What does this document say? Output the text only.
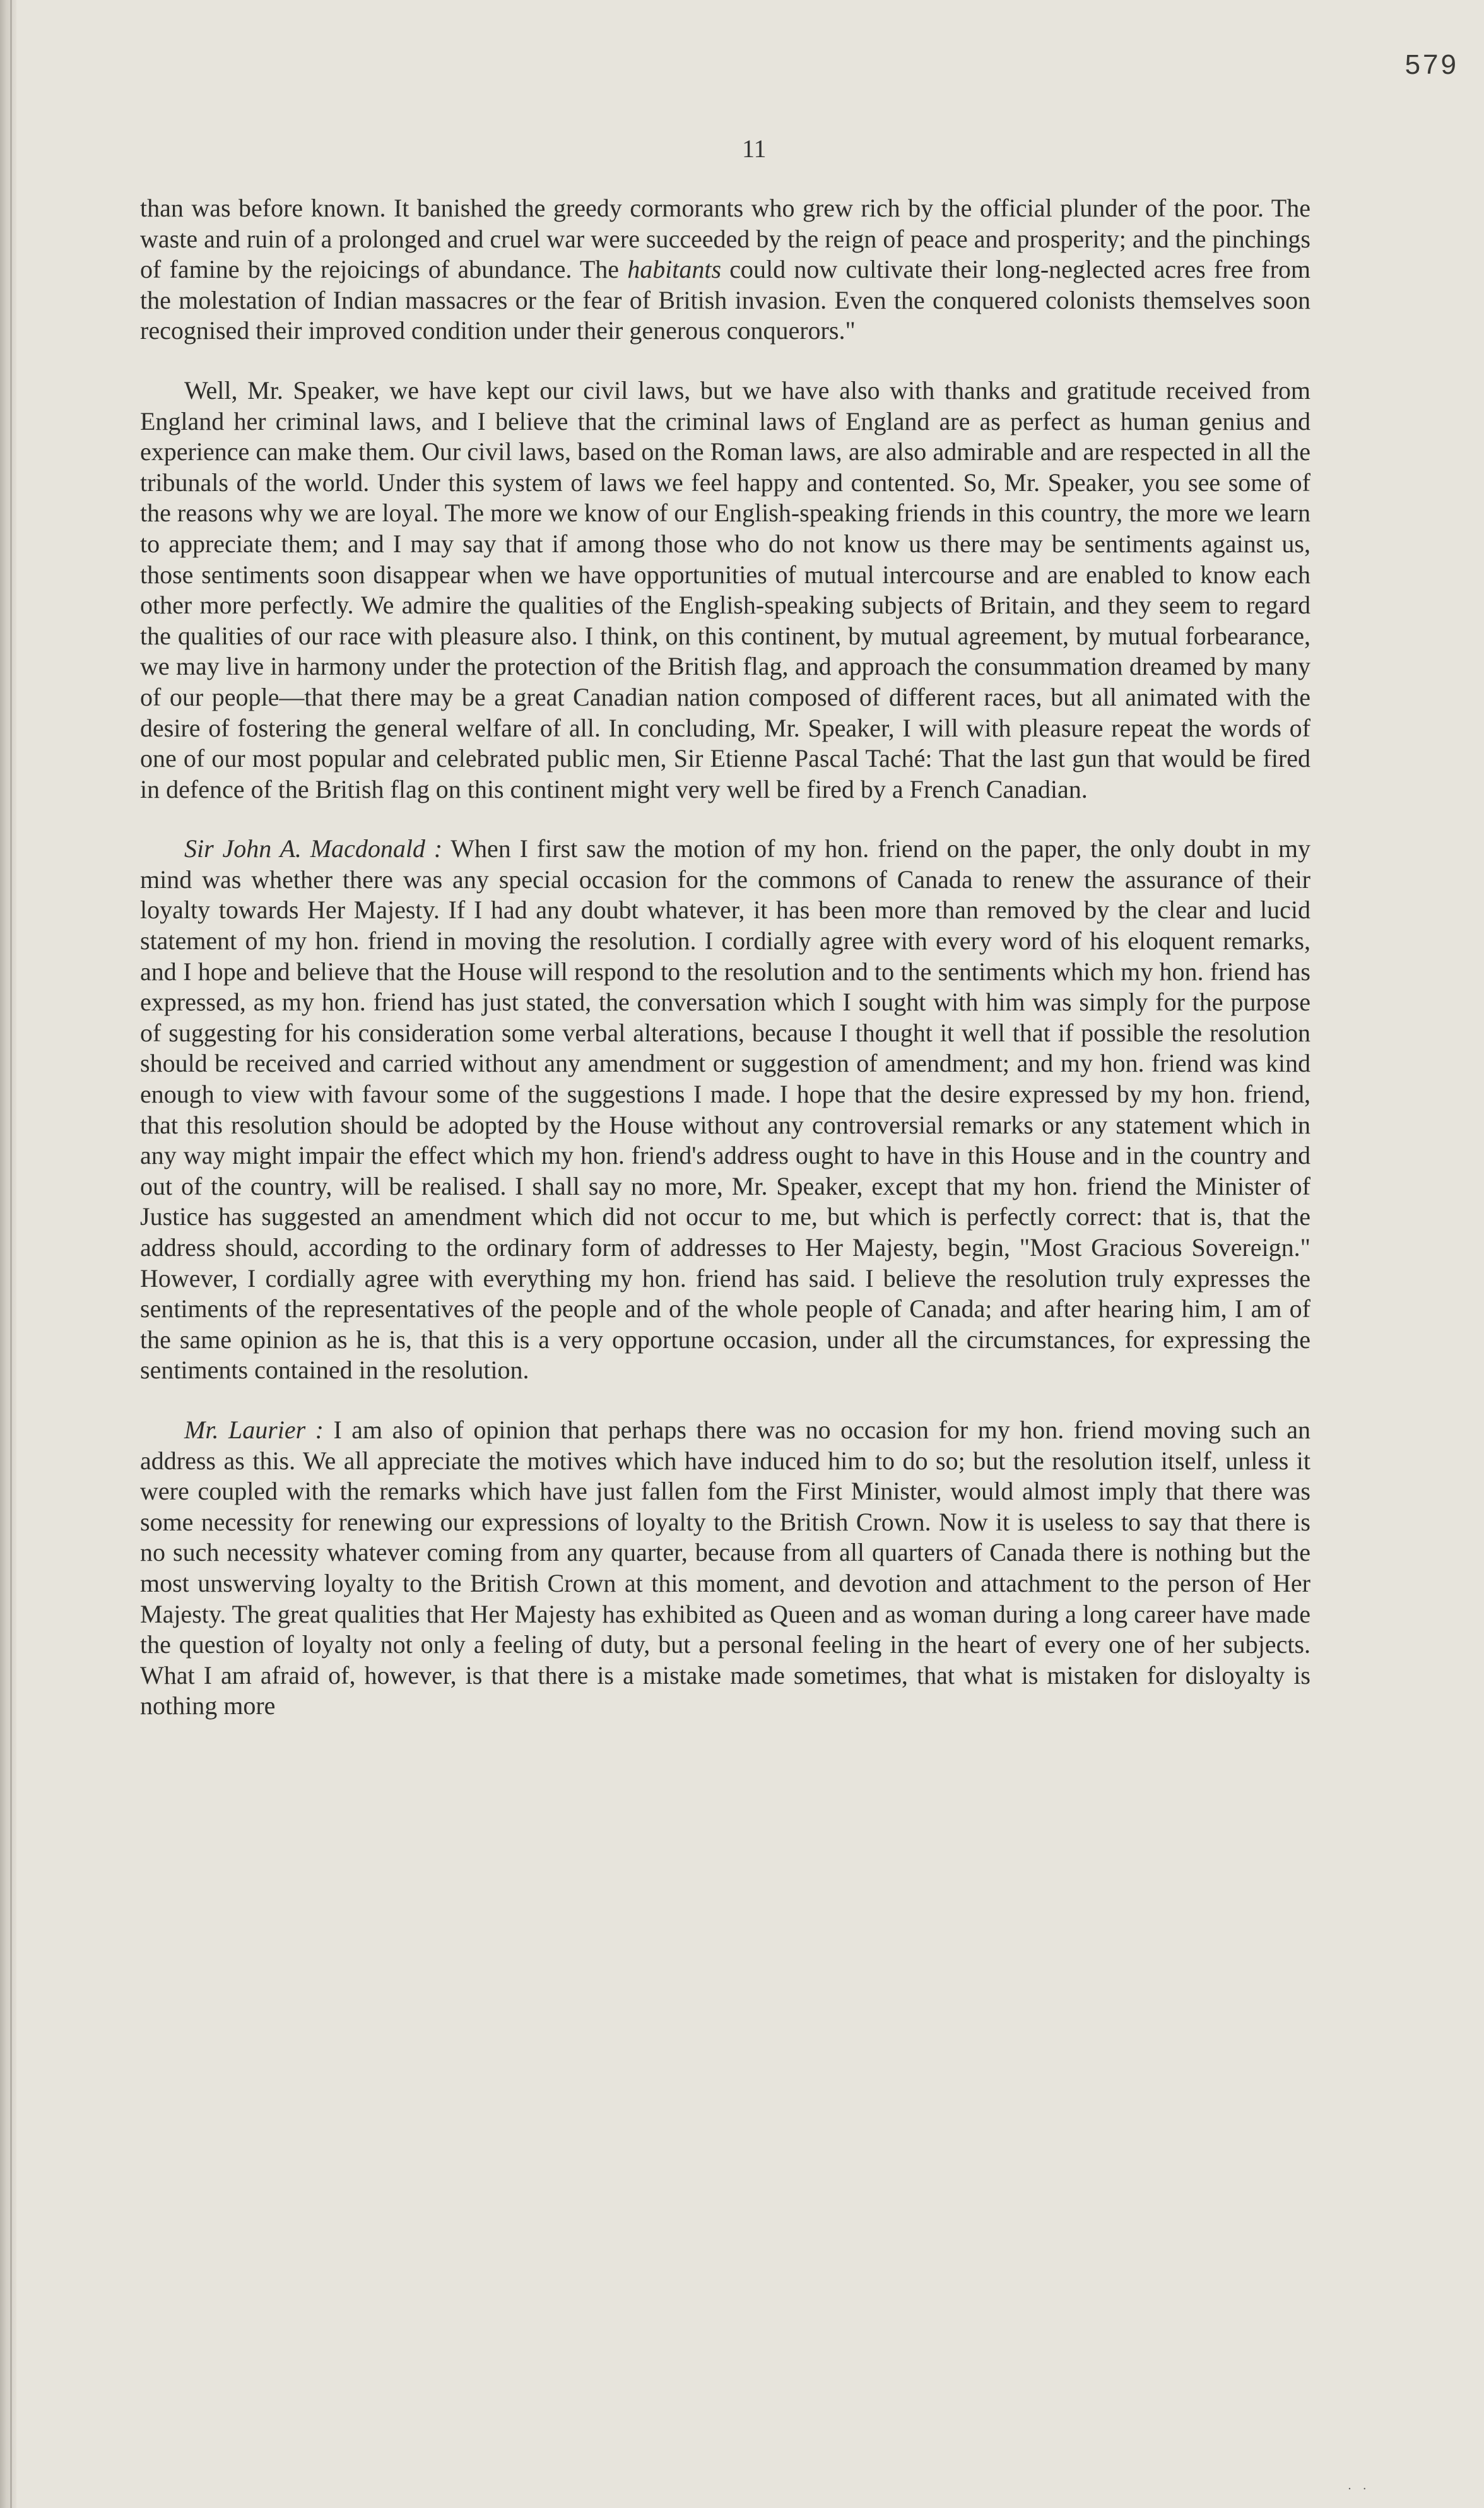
579
11

than was before known. It banished the greedy cormorants who grew rich by the official plunder of the poor. The waste and ruin of a prolonged and cruel war were succeeded by the reign of peace and prosperity; and the pinchings of famine by the rejoicings of abundance. The habitants could now cultivate their long-neglected acres free from the molestation of Indian massacres or the fear of British invasion. Even the conquered colonists themselves soon recognised their improved condition under their generous conquerors."

Well, Mr. Speaker, we have kept our civil laws, but we have also with thanks and gratitude received from England her criminal laws, and I believe that the criminal laws of England are as perfect as human genius and experience can make them. Our civil laws, based on the Roman laws, are also admirable and are respected in all the tribunals of the world. Under this system of laws we feel happy and contented. So, Mr. Speaker, you see some of the reasons why we are loyal. The more we know of our English-speaking friends in this country, the more we learn to appreciate them; and I may say that if among those who do not know us there may be sentiments against us, those sentiments soon disappear when we have opportunities of mutual intercourse and are enabled to know each other more perfectly. We admire the qualities of the English-speaking subjects of Britain, and they seem to regard the qualities of our race with pleasure also. I think, on this continent, by mutual agreement, by mutual forbearance, we may live in harmony under the protection of the British flag, and approach the consummation dreamed by many of our people—that there may be a great Canadian nation composed of different races, but all animated with the desire of fostering the general welfare of all. In concluding, Mr. Speaker, I will with pleasure repeat the words of one of our most popular and celebrated public men, Sir Etienne Pascal Taché: That the last gun that would be fired in defence of the British flag on this continent might very well be fired by a French Canadian.

Sir John A. Macdonald : When I first saw the motion of my hon. friend on the paper, the only doubt in my mind was whether there was any special occasion for the commons of Canada to renew the assurance of their loyalty towards Her Majesty. If I had any doubt whatever, it has been more than removed by the clear and lucid statement of my hon. friend in moving the resolution. I cordially agree with every word of his eloquent remarks, and I hope and believe that the House will respond to the resolution and to the sentiments which my hon. friend has expressed, as my hon. friend has just stated, the conversation which I sought with him was simply for the purpose of suggesting for his consideration some verbal alterations, because I thought it well that if possible the resolution should be received and carried without any amendment or suggestion of amendment; and my hon. friend was kind enough to view with favour some of the suggestions I made. I hope that the desire expressed by my hon. friend, that this resolution should be adopted by the House without any controversial remarks or any statement which in any way might impair the effect which my hon. friend's address ought to have in this House and in the country and out of the country, will be realised. I shall say no more, Mr. Speaker, except that my hon. friend the Minister of Justice has suggested an amendment which did not occur to me, but which is perfectly correct: that is, that the address should, according to the ordinary form of addresses to Her Majesty, begin, "Most Gracious Sovereign." However, I cordially agree with everything my hon. friend has said. I believe the resolution truly expresses the sentiments of the representatives of the people and of the whole people of Canada; and after hearing him, I am of the same opinion as he is, that this is a very opportune occasion, under all the circumstances, for expressing the sentiments contained in the resolution.

Mr. Laurier : I am also of opinion that perhaps there was no occasion for my hon. friend moving such an address as this. We all appreciate the motives which have induced him to do so; but the resolution itself, unless it were coupled with the remarks which have just fallen fom the First Minister, would almost imply that there was some necessity for renewing our expressions of loyalty to the British Crown. Now it is useless to say that there is no such necessity whatever coming from any quarter, because from all quarters of Canada there is nothing but the most unswerving loyalty to the British Crown at this moment, and devotion and attachment to the person of Her Majesty. The great qualities that Her Majesty has exhibited as Queen and as woman during a long career have made the question of loyalty not only a feeling of duty, but a personal feeling in the heart of every one of her subjects. What I am afraid of, however, is that there is a mistake made sometimes, that what is mistaken for disloyalty is nothing more

· ·
